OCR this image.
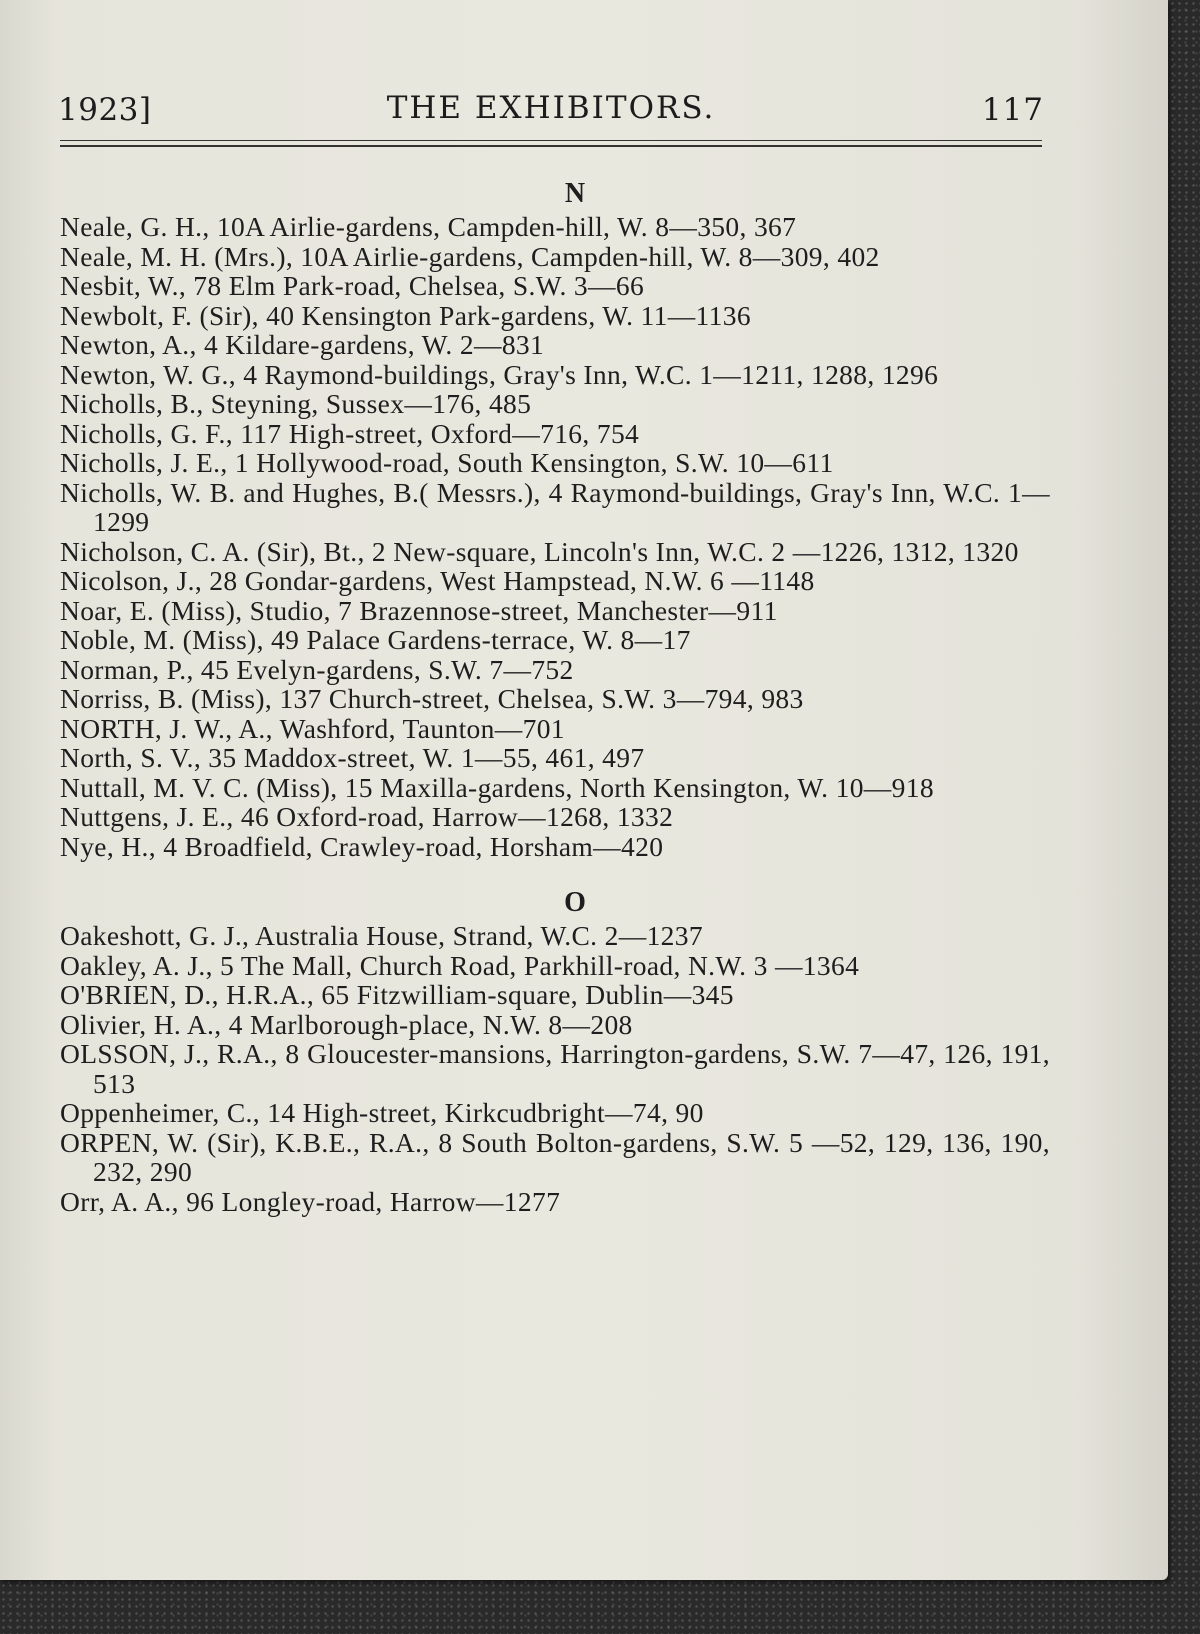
1923]	THE EXHIBITORS.	117
N
Neale, G. H., 10A Airlie-gardens, Campden-hill, W. 8—350, 367
Neale, M. H. (Mrs.), 10A Airlie-gardens, Campden-hill, W. 8—309, 402
Nesbit, W., 78 Elm Park-road, Chelsea, S.W. 3—66
Newbolt, F. (Sir), 40 Kensington Park-gardens, W. 11—1136
Newton, A., 4 Kildare-gardens, W. 2—831
Newton, W. G., 4 Raymond-buildings, Gray's Inn, W.C. 1—1211, 1288, 1296
Nicholls, B., Steyning, Sussex—176, 485
Nicholls, G. F., 117 High-street, Oxford—716, 754
Nicholls, J. E., 1 Hollywood-road, South Kensington, S.W. 10—611
Nicholls, W. B. and Hughes, B.( Messrs.), 4 Raymond-buildings, Gray's Inn, W.C. 1—1299
Nicholson, C. A. (Sir), Bt., 2 New-square, Lincoln's Inn, W.C. 2 —1226, 1312, 1320
Nicolson, J., 28 Gondar-gardens, West Hampstead, N.W. 6 —1148
Noar, E. (Miss), Studio, 7 Brazennose-street, Manchester—911
Noble, M. (Miss), 49 Palace Gardens-terrace, W. 8—17
Norman, P., 45 Evelyn-gardens, S.W. 7—752
Norriss, B. (Miss), 137 Church-street, Chelsea, S.W. 3—794, 983
NORTH, J. W., A., Washford, Taunton—701
North, S. V., 35 Maddox-street, W. 1—55, 461, 497
Nuttall, M. V. C. (Miss), 15 Maxilla-gardens, North Kensington, W. 10—918
Nuttgens, J. E., 46 Oxford-road, Harrow—1268, 1332
Nye, H., 4 Broadfield, Crawley-road, Horsham—420
O
Oakeshott, G. J., Australia House, Strand, W.C. 2—1237
Oakley, A. J., 5 The Mall, Church Road, Parkhill-road, N.W. 3 —1364
O'BRIEN, D., H.R.A., 65 Fitzwilliam-square, Dublin—345
Olivier, H. A., 4 Marlborough-place, N.W. 8—208
OLSSON, J., R.A., 8 Gloucester-mansions, Harrington-gardens, S.W. 7—47, 126, 191, 513
Oppenheimer, C., 14 High-street, Kirkcudbright—74, 90
ORPEN, W. (Sir), K.B.E., R.A., 8 South Bolton-gardens, S.W. 5 —52, 129, 136, 190, 232, 290
Orr, A. A., 96 Longley-road, Harrow—1277
